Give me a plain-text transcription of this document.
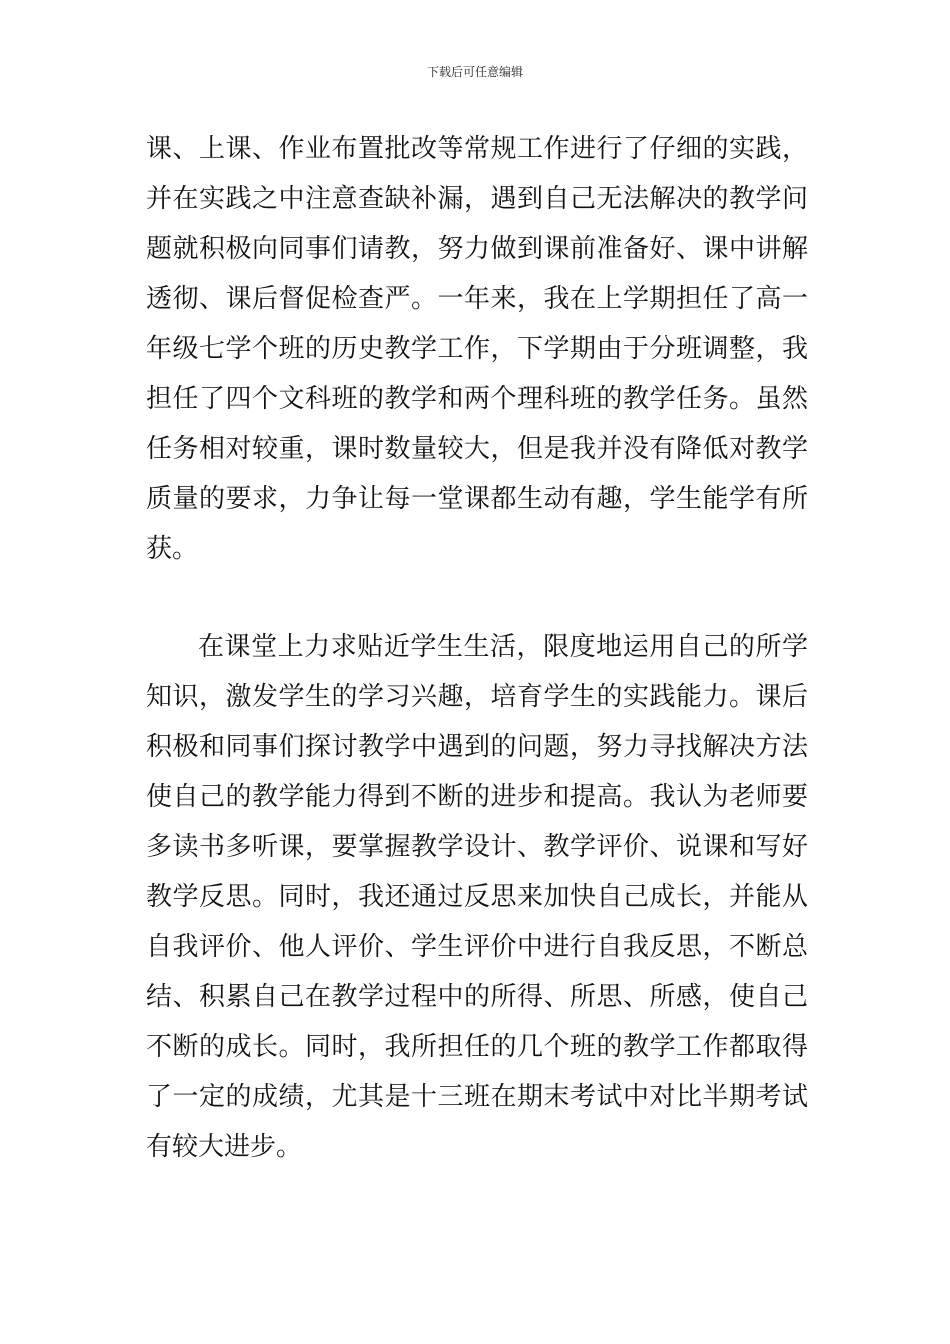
下载后可任意编辑
课、上课、作业布置批改等常规工作进行了仔细的实践，
并在实践之中注意查缺补漏，遇到自己无法解决的教学问
题就积极向同事们请教，努力做到课前准备好、课中讲解
透彻、课后督促检查严。一年来，我在上学期担任了高一
年级七学个班的历史教学工作，下学期由于分班调整，我
担任了四个文科班的教学和两个理科班的教学任务。虽然
任务相对较重，课时数量较大，但是我并没有降低对教学
质量的要求，力争让每一堂课都生动有趣，学生能学有所
获。
在课堂上力求贴近学生生活，限度地运用自己的所学
知识，激发学生的学习兴趣，培育学生的实践能力。课后
积极和同事们探讨教学中遇到的问题，努力寻找解决方法
使自己的教学能力得到不断的进步和提高。我认为老师要
多读书多听课，要掌握教学设计、教学评价、说课和写好
教学反思。同时，我还通过反思来加快自己成长，并能从
自我评价、他人评价、学生评价中进行自我反思，不断总
结、积累自己在教学过程中的所得、所思、所感，使自己
不断的成长。同时，我所担任的几个班的教学工作都取得
了一定的成绩，尤其是十三班在期末考试中对比半期考试
有较大进步。
